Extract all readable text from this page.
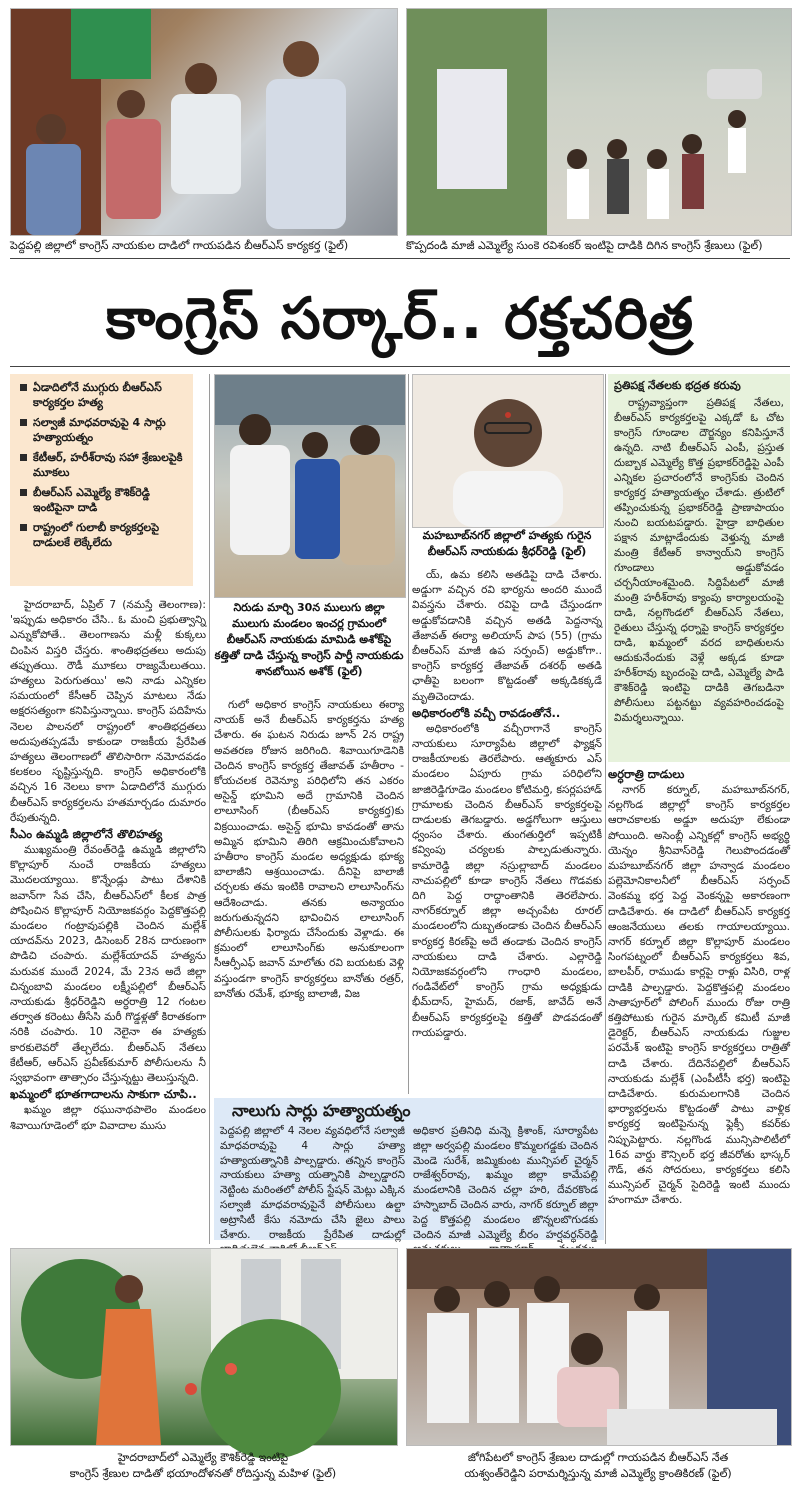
పెద్దపల్లి జిల్లాలో కాంగ్రెస్ నాయకుల దాడిలో గాయపడిన బీఆర్ఎస్ కార్యకర్త (ఫైల్)	కొప్పదండి మాజీ ఎమ్మెల్యే సుంకె రవిశంకర్ ఇంటిపై దాడికి దిగిన కాంగ్రెస్ శ్రేణులు (ఫైల్)
కాంగ్రెస్ సర్కార్.. రక్తచరిత్ర
ఏడాదిలోనే ముగ్గురు బీఆర్ఎస్ కార్యకర్తల హత్య
సల్వాజీ మాధవరావుపై 4 సార్లు హత్యాయత్నం
కేటీఆర్, హరీశ్‌రావు సహా శ్రేణులపైకి మూకలు
బీఆర్ఎస్ ఎమ్మెల్యే కౌశిక్‌రెడ్డి ఇంటిపైనా దాడి
రాష్ట్రంలో గులాబీ కార్యకర్తలపై దాడులకే లెక్కేలేదు
నిరుడు మార్చి 30న ములుగు జిల్లా ములుగు మండలం ఇంచర్ల గ్రామంలో బీఆర్ఎస్ నాయకుడు మామిడి అశోక్‌పై కత్తితో దాడి చేస్తున్న కాంగ్రెస్ పార్టీ నాయకుడు శానబోయిన అశోక్ (ఫైల్)
మహబూబ్‌నగర్ జిల్లాలో హత్యకు గురైన బీఆర్ఎస్ నాయకుడు శ్రీధర్‌రెడ్డి (ఫైల్)

హైదరాబాద్, ఏప్రిల్ 7 (నమస్తే తెలంగాణ): 'ఇప్పుడు అధికారం చేసి.. ఓ మంచి ప్రభుత్వాన్ని ఎన్నుకోపోతే.. తెలంగాణను మళ్లీ కుక్కలు చింపిన విస్తరి చేస్తరు. శాంతిభద్రతలు అదుపు తప్పుతయి. రౌడీ మూకలు రాజ్యమేలుతయి. హత్యలు పెరుగుతయి' అని నాడు ఎన్నికల సమయంలో కేసీఆర్ చెప్పిన మాటలు నేడు అక్షరసత్యంగా కనిపిస్తున్నాయి. కాంగ్రెస్ పదిహేను నెలల పాలనలో రాష్ట్రంలో శాంతిభద్రతలు అదుపుతప్పడమే కాకుండా రాజకీయ ప్రేరేపిత హత్యలు తెలంగాణలో తొలిసారిగా నమోదవడం కలకలం సృష్టిస్తున్నది. కాంగ్రెస్ అధికారంలోకి వచ్చిన 16 నెలలు కాగా ఏడాదిలోనే ముగ్గురు బీఆర్ఎస్ కార్యకర్తలను హతమార్చడం దుమారం రేపుతున్నది.

సీఎం ఉమ్మడి జిల్లాలోనే తొలిహత్య

ముఖ్యమంత్రి రేవంత్‌రెడ్డి ఉమ్మడి జిల్లాలోని కొల్లాపూర్ నుంచే రాజకీయ హత్యలు మొదలయ్యాయి. కొన్నేండ్లు పాటు దేశానికి జవాన్‌గా సేవ చేసి, బీఆర్ఎస్‌లో కీలక పాత్ర పోషించిన కొల్లాపూర్ నియోజకవర్గం పెద్దకొత్తపల్లి మండలం గంట్రావుపల్లికి చెందిన మల్లేశ్ యాదవ్‌ను 2023, డిసెంబర్ 28న దారుణంగా పొడిచి చంపారు. మల్లేశ్‌యాదవ్ హత్యను మరువక ముందే 2024, మే 23న అదే జిల్లా చిన్నంబావి మండలం లక్ష్మీపల్లిలో బీఆర్ఎస్ నాయకుడు శ్రీధర్‌రెడ్డిని అర్ధరాత్రి 12 గంటల తర్వాత కరెంటు తీసేసి మరీ గొడ్డళ్లతో కిరాతకంగా నరికి చంపారు. 10 నెలైనా ఈ హత్యకు కారకులెవరో తేల్చలేదు. బీఆర్ఎస్ నేతలు కేటీఆర్, ఆర్ఎస్ ప్రవీణ్‌కుమార్ పోలీసులను నీ స్వభావంగా తాత్సారం చేస్తున్నట్టు తెలుస్తున్నది.

ఖమ్మంలో భూతగాదాలను సాకుగా చూపి..

ఖమ్మం జిల్లా రఘునాథపాలెం మండలం శివాయిగూడెంలో భూ వివాదాల ముసు

గులో అధికార కాంగ్రెస్ నాయకులు ఈర్యా నాయక్ అనే బీఆర్ఎస్ కార్యకర్తను హత్య చేశారు. ఈ ఘటన నిరుడు జూన్ 2న రాష్ట్ర అవతరణ రోజున జరిగింది. శివాయిగూడెనికి చెందిన కాంగ్రెస్ కార్యకర్త తేజావత్ హతీరాం - కోయచలక రెవెన్యూ పరిధిలోని తన ఎకరం అసైన్డ్ భూమిని అదే గ్రామానికి చెందిన లాలూసింగ్ (బీఆర్ఎస్ కార్యకర్త)కు విక్రయించాడు. అసైన్డ్ భూమి కావడంతో తాను అమ్మిన భూమిని తిరిగి ఆక్రమించుకోవాలని హతీరాం కాంగ్రెస్ మండల అధ్యక్షుడు భూక్య బాలాజీని ఆశ్రయించాడు. దీనిపై బాలాజీ చర్చలకు తమ ఇంటికి రావాలని లాలూసింగ్‌ను ఆదేశించాడు. తనకు అన్యాయం జరుగుతున్నదని భావించిన లాలూసింగ్ పోలీసులకు ఫిర్యాదు చేసేందుకు వెళ్లాడు. ఈ క్రమంలో లాలూసింగ్‌కు అనుకూలంగా సీఆర్పీఎఫ్ జవాన్ మాలోతు రవి బయటకు వెళ్లి వస్తుండగా కాంగ్రెస్ కార్యకర్తలు బానోతు రత్రర్, బానోతు రమేశ్, భూక్య బాలాజీ, విజ

య్, ఉమ కలిసి అతడిపై దాడి చేశారు. అడ్డుగా వచ్చిన రవి భార్యను అందరి ముందే వివస్త్రను చేశారు. రవిపై దాడి చేస్తుండగా అడ్డుకోవడానికి వచ్చిన అతడి పెద్దనాన్న తేజావత్ ఈర్యా అలియాస్ పాప (55) (గ్రామ బీఆర్ఎస్ మాజీ ఉప సర్పంచ్) అడ్డుకోగా.. కాంగ్రెస్ కార్యకర్త తేజావత్ దశరథ్ అతడి ఛాతీపై బలంగా కొట్టడంతో అక్కడికక్కడే మృతిచెందాడు.

అధికారంలోకి వచ్చీ రావడంతోనే..

అధికారంలోకి వచ్చీరాగానే కాంగ్రెస్ నాయకులు సూర్యాపేట జిల్లాలో ఫ్యాక్షన్ రాజకీయాలకు తెరలేపారు. ఆత్మకూరు ఎస్ మండలం ఏపూరు గ్రామ పరిధిలోని జాజిరెడ్డిగూడెం మండలం కోటిమర్తి, కసర్లపహాడ్ గ్రామాలకు చెందిన బీఆర్ఎస్ కార్యకర్తలపై దాడులకు తెగబడ్డారు. అడ్డగోలుగా ఆస్తులు ధ్వంసం చేశారు. తుంగతుర్తిలో ఇప్పటికీ కవ్వింపు చర్యలకు పాల్పడుతున్నారు. కామారెడ్డి జిల్లా నస్రుల్లాబాద్ మండలం నాచుపల్లిలో కూడా కాంగ్రెస్ నేతలు గొడవకు దిగి పెద్ద రాద్ధాంతానికి తెరలేపారు. నాగర్‌కర్నూల్ జిల్లా అచ్చంపేట రూరల్ మండలంలోని దుబ్బతండాకు చెందిన బీఆర్ఎస్ కార్యకర్త కిరణ్‌పై అదే తండాకు చెందిన కాంగ్రెస్ నాయకులు దాడి చేశారు. ఎల్లారెడ్డి నియోజకవర్గంలోని గాంధారి మండలం, గండివేట్‌లో కాంగ్రెస్ గ్రామ అధ్యక్షుడు భీమ్‌దాస్, హైమద్, రజాక్, జావేద్ అనే బీఆర్ఎస్ కార్యకర్తలపై కత్తితో పొడవడంతో గాయపడ్డారు.

ప్రతిపక్ష నేతలకు భద్రత కరువు
రాష్ట్రవ్యాప్తంగా ప్రతిపక్ష నేతలు, బీఆర్ఎస్ కార్యకర్తలపై ఎక్కడో ఓ చోట కాంగ్రెస్ గూండాల దౌర్జన్యం కనిపిస్తూనే ఉన్నది. నాటి బీఆర్ఎస్ ఎంపీ, ప్రస్తుత దుబ్బాక ఎమ్మెల్యే కొత్త ప్రభాకర్‌రెడ్డిపై ఎంపీ ఎన్నికల ప్రచారంలోనే కాంగ్రెస్‌కు చెందిన కార్యకర్త హత్యాయత్నం చేశాడు. త్రుటిలో తప్పించుకున్న ప్రభాకర్‌రెడ్డి ప్రాణాపాయం నుంచి బయటపడ్డారు. హైడ్రా బాధితుల పక్షాన మాట్లాడేందుకు వెళ్తున్న మాజీ మంత్రి కేటీఆర్ కాన్వాయ్‌ని కాంగ్రెస్ గూండాలు అడ్డుకోవడం చర్చనీయాంశమైంది. సిద్దిపేటలో మాజీ మంత్రి హరీశ్‌రావు క్యాంపు కార్యాలయంపై దాడి, నల్లగొండలో బీఆర్ఎస్ నేతలు, రైతులు చేస్తున్న ధర్నాపై కాంగ్రెస్ కార్యకర్తల దాడి, ఖమ్మంలో వరద బాధితులను ఆదుకునేందుకు వెళ్లే అక్కడ కూడా హరీశ్‌రావు బృందంపై దాడి, ఎమ్మెల్యే పాడి కౌశిక్‌రెడ్డి ఇంటిపై దాడికి తెగబడినా పోలీసులు పట్టనట్టు వ్యవహరించడంపై విమర్శలున్నాయి.

అర్ధరాత్రి దాడులు

నాగర్ కర్నూల్, మహబూబ్‌నగర్, నల్లగొండ జిల్లాల్లో కాంగ్రెస్ కార్యకర్తల ఆరాచకాలకు అడ్డూ అదుపూ లేకుండా పోయింది. అసెంబ్లీ ఎన్నికల్లో కాంగ్రెస్ అభ్యర్థి యెన్నం శ్రీనివాస్‌రెడ్డి గెలుపొందడంతో మహబూబ్‌నగర్ జిల్లా హన్వాడ మండలం పల్లెమోనికాలనీలో బీఆర్ఎస్ సర్పంచ్ వెంకమ్మ భర్త పెద్ద వెంకన్నపై అకారణంగా దాడిచేశారు. ఈ దాడిలో బీఆర్ఎస్ కార్యకర్త ఆంజనేయులు తలకు గాయాలయ్యాయి. నాగర్ కర్నూల్ జిల్లా కొల్లాపూర్ మండలం సింగపట్నంలో బీఆర్ఎస్ కార్యకర్తలు శివ, బాలపీర్, రాముడు కార్లపై రాళ్లు విసిరి, రాళ్ల దాడికి పాల్పడ్డారు. పెద్దకొత్తపల్లి మండలం సాతాపూర్‌లో పోలింగ్ ముందు రోజు రాత్రి కత్తిపోటుకు గురైన మార్కెట్ కమిటీ మాజీ డైరెక్టర్, బీఆర్ఎస్ నాయకుడు గుజ్జుల పరమేశ్ ఇంటిపై కాంగ్రెస్ కార్యకర్తలు రాత్రితో దాడి చేశారు. దేదినేపల్లిలో బీఆర్ఎస్ నాయకుడు మల్లేశ్ (ఎంపీటీసీ భర్త) ఇంటిపై దాడిచేశారు. కురుమలగానికి చెందిన భార్యాభర్తలను కొట్టడంతో పాటు వాళ్లిక కార్యకర్త ఇంటిపైనున్న ఫ్లెక్సీ కవర్‌కు నిప్పుపెట్టారు. నల్లగొండ మున్సిపాలిటీలో 16వ వార్డు కౌన్సిలర్ భర్త జీవరోతు భాస్కర్ గౌడ్, తన సోదరులు, కార్యకర్తలు కలిసి మున్సిపల్ చైర్మన్ సైదిరెడ్డి ఇంటి ముందు హంగామా చేశారు.

నాలుగు సార్లు హత్యాయత్నం
పెద్దపల్లి జిల్లాలో 4 నెలల వ్యవధిలోనే సల్వాజీ మాధవరావుపై 4 సార్లు హత్యా హత్యాయత్నానికి పాల్పడ్డారు. తన్నిన కాంగ్రెస్ నాయకులు హత్యా యత్నానికి పాల్పడ్డారని నెట్టింట మరింతలో పోలీస్ స్టేషన్ మెట్లు ఎక్కిన సల్వాజీ మాధవరావుపైనే పోలీసులు ఉల్టా అట్రాసిటీ కేసు నమోదు చేసి జైలు పాలు చేశారు. రాజకీయ ప్రేరేపిత దాడుల్లో
అధికార ప్రతినిధి మన్నె క్రిశాంక్, సూర్యాపేట జిల్లా అర్వపల్లి మండలం కొమ్మలగడ్డకు చెందిన మెండె సురేశ్, జమ్మికుంట మున్సిపల్ చైర్మన్ రాజేశ్వర్‌రావు, ఖమ్మం జిల్లా కామేపల్లి మండలానికి చెందిన చల్లా హరి, దేవరకొండ హస్నాబాద్ చెందిన వారు, నాగర్ కర్నూల్ జిల్లా పెద్ద కొత్తపల్లి మండలం జొన్నలబొగుడకు చెందిన మాజీ ఎమ్మెల్యే బీరం హర్షవర్ధన్‌రెడ్డి
హైదరాబాద్‌లో ఎమ్మెల్యే కౌశిక్‌రెడ్డి ఇంటిపై
కాంగ్రెస్ శ్రేణుల దాడితో భయాందోళనతో రోదిస్తున్న మహిళ (ఫైల్)
జోగిపేటలో కాంగ్రెస్ శ్రేణుల దాడుల్లో గాయపడిన బీఆర్ఎస్ నేత
యశ్వంత్‌రెడ్డిని పరామర్శిస్తున్న మాజీ ఎమ్మెల్యే క్రాంతికిరణ్ (ఫైల్)
